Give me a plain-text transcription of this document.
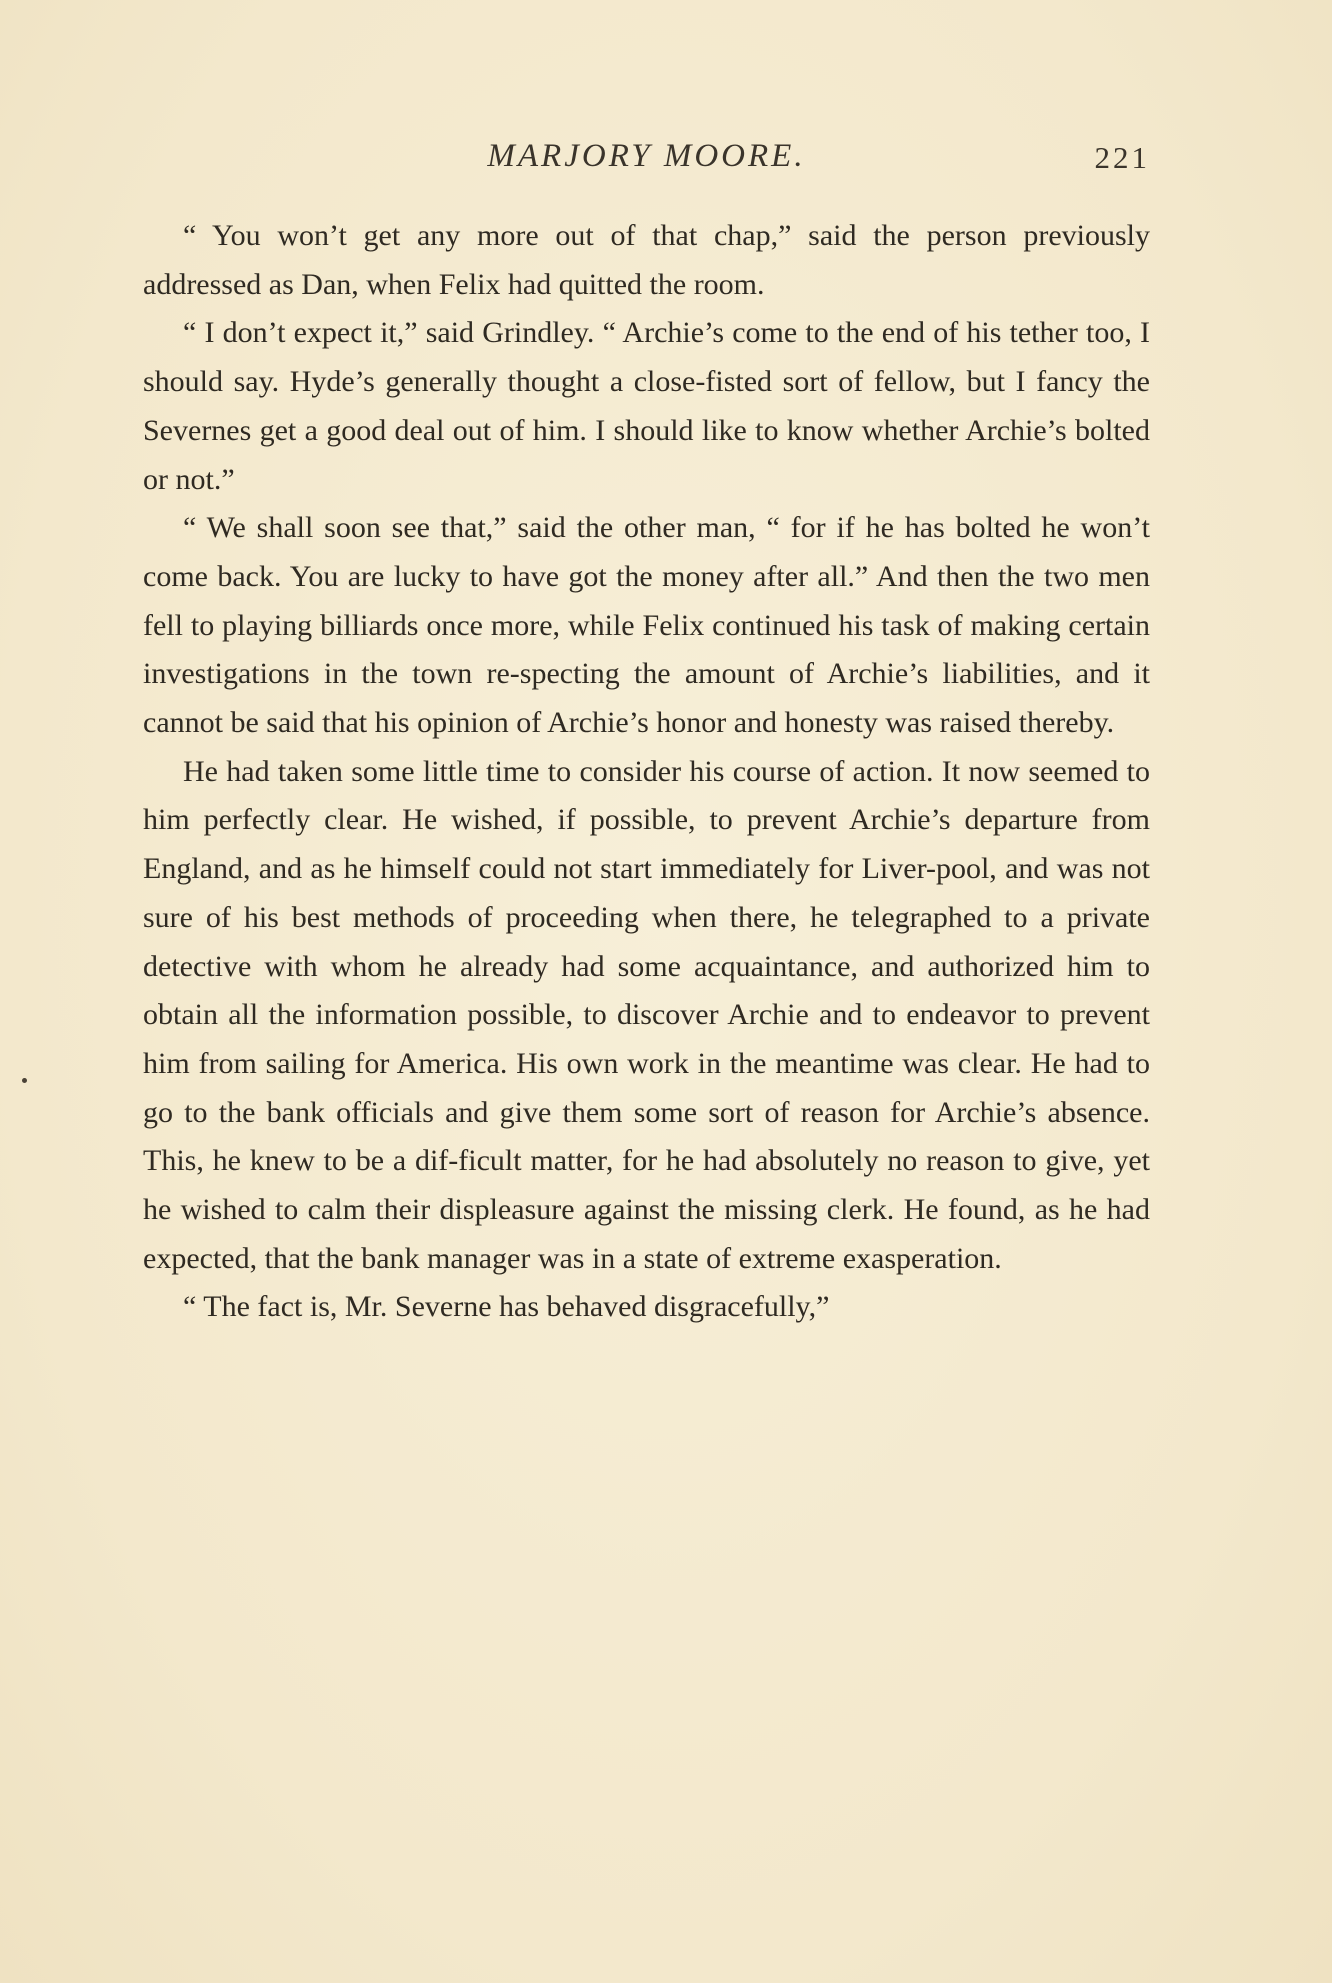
MARJORY MOORE.	221

“ You won’t get any more out of that chap,” said the person previously addressed as Dan, when Felix had quitted the room.

“ I don’t expect it,” said Grindley. “ Archie’s come to the end of his tether too, I should say. Hyde’s generally thought a close-fisted sort of fellow, but I fancy the Severnes get a good deal out of him. I should like to know whether Archie’s bolted or not.”

“ We shall soon see that,” said the other man, “ for if he has bolted he won’t come back. You are lucky to have got the money after all.” And then the two men fell to playing billiards once more, while Felix continued his task of making certain investigations in the town re-specting the amount of Archie’s liabilities, and it cannot be said that his opinion of Archie’s honor and honesty was raised thereby.

He had taken some little time to consider his course of action. It now seemed to him perfectly clear. He wished, if possible, to prevent Archie’s departure from England, and as he himself could not start immediately for Liver-pool, and was not sure of his best methods of proceeding when there, he telegraphed to a private detective with whom he already had some acquaintance, and authorized him to obtain all the information possible, to discover Archie and to endeavor to prevent him from sailing for America. His own work in the meantime was clear. He had to go to the bank officials and give them some sort of reason for Archie’s absence. This, he knew to be a dif-ficult matter, for he had absolutely no reason to give, yet he wished to calm their displeasure against the missing clerk. He found, as he had expected, that the bank manager was in a state of extreme exasperation.

“ The fact is, Mr. Severne has behaved disgracefully,”
